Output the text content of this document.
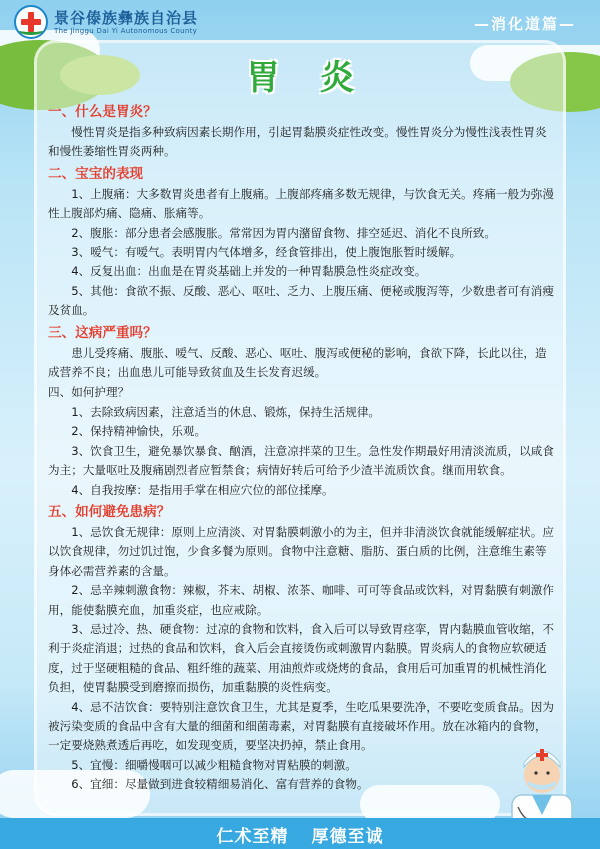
景谷傣族彝族自治县
The Jinggu Dai Yi Autonomous County	—消化道篇—
胃炎
一、什么是胃炎？
慢性胃炎是指多种致病因素长期作用，引起胃黏膜炎症性改变。慢性胃炎分为慢性浅表性胃炎和慢性萎缩性胃炎两种。
二、宝宝的表现
1、上腹痛：大多数胃炎患者有上腹痛。上腹部疼痛多数无规律，与饮食无关。疼痛一般为弥漫性上腹部灼痛、隐痛、胀痛等。
2、腹胀：部分患者会感腹胀。常常因为胃内潴留食物、排空延迟、消化不良所致。
3、嗳气：有嗳气。表明胃内气体增多，经食管排出，使上腹饱胀暂时缓解。
4、反复出血：出血是在胃炎基础上并发的一种胃黏膜急性炎症改变。
5、其他：食欲不振、反酸、恶心、呕吐、乏力、上腹压痛、便秘或腹泻等，少数患者可有消瘦及贫血。
三、这病严重吗？
患儿受疼痛、腹胀、嗳气、反酸、恶心、呕吐、腹泻或便秘的影响，食欲下降，长此以往，造成营养不良；出血患儿可能导致贫血及生长发育迟缓。
四、如何护理？
1、去除致病因素，注意适当的休息、锻炼，保持生活规律。
2、保持精神愉快，乐观。
3、饮食卫生，避免暴饮暴食、酗酒，注意凉拌菜的卫生。急性发作期最好用清淡流质，以咸食为主；大量呕吐及腹痛剧烈者应暂禁食；病情好转后可给予少渣半流质饮食。继而用软食。
4、自我按摩：是指用手掌在相应穴位的部位揉摩。
五、如何避免患病？
1、忌饮食无规律：原则上应清淡、对胃黏膜刺激小的为主，但并非清淡饮食就能缓解症状。应以饮食规律，勿过饥过饱，少食多餐为原则。食物中注意糖、脂肪、蛋白质的比例，注意维生素等身体必需营养素的含量。
2、忌辛辣刺激食物：辣椒，芥末、胡椒、浓茶、咖啡、可可等食品或饮料，对胃黏膜有刺激作用，能使黏膜充血，加重炎症，也应戒除。
3、忌过冷、热、硬食物：过凉的食物和饮料，食入后可以导致胃痉挛，胃内黏膜血管收缩，不利于炎症消退；过热的食品和饮料，食入后会直接烫伤或刺激胃内黏膜。胃炎病人的食物应软硬适度，过于坚硬粗糙的食品、粗纤维的蔬菜、用油煎炸或烧烤的食品，食用后可加重胃的机械性消化负担，使胃黏膜受到磨擦而损伤，加重黏膜的炎性病变。
4、忌不洁饮食：要特别注意饮食卫生，尤其是夏季，生吃瓜果要洗净，不要吃变质食品。因为被污染变质的食品中含有大量的细菌和细菌毒素，对胃黏膜有直接破坏作用。放在冰箱内的食物，一定要烧熟煮透后再吃，如发现变质，要坚决扔掉，禁止食用。
5、宜慢：细嚼慢咽可以减少粗糙食物对胃粘膜的刺激。
6、宜细：尽量做到进食较精细易消化、富有营养的食物。
仁术至精 厚德至诚
